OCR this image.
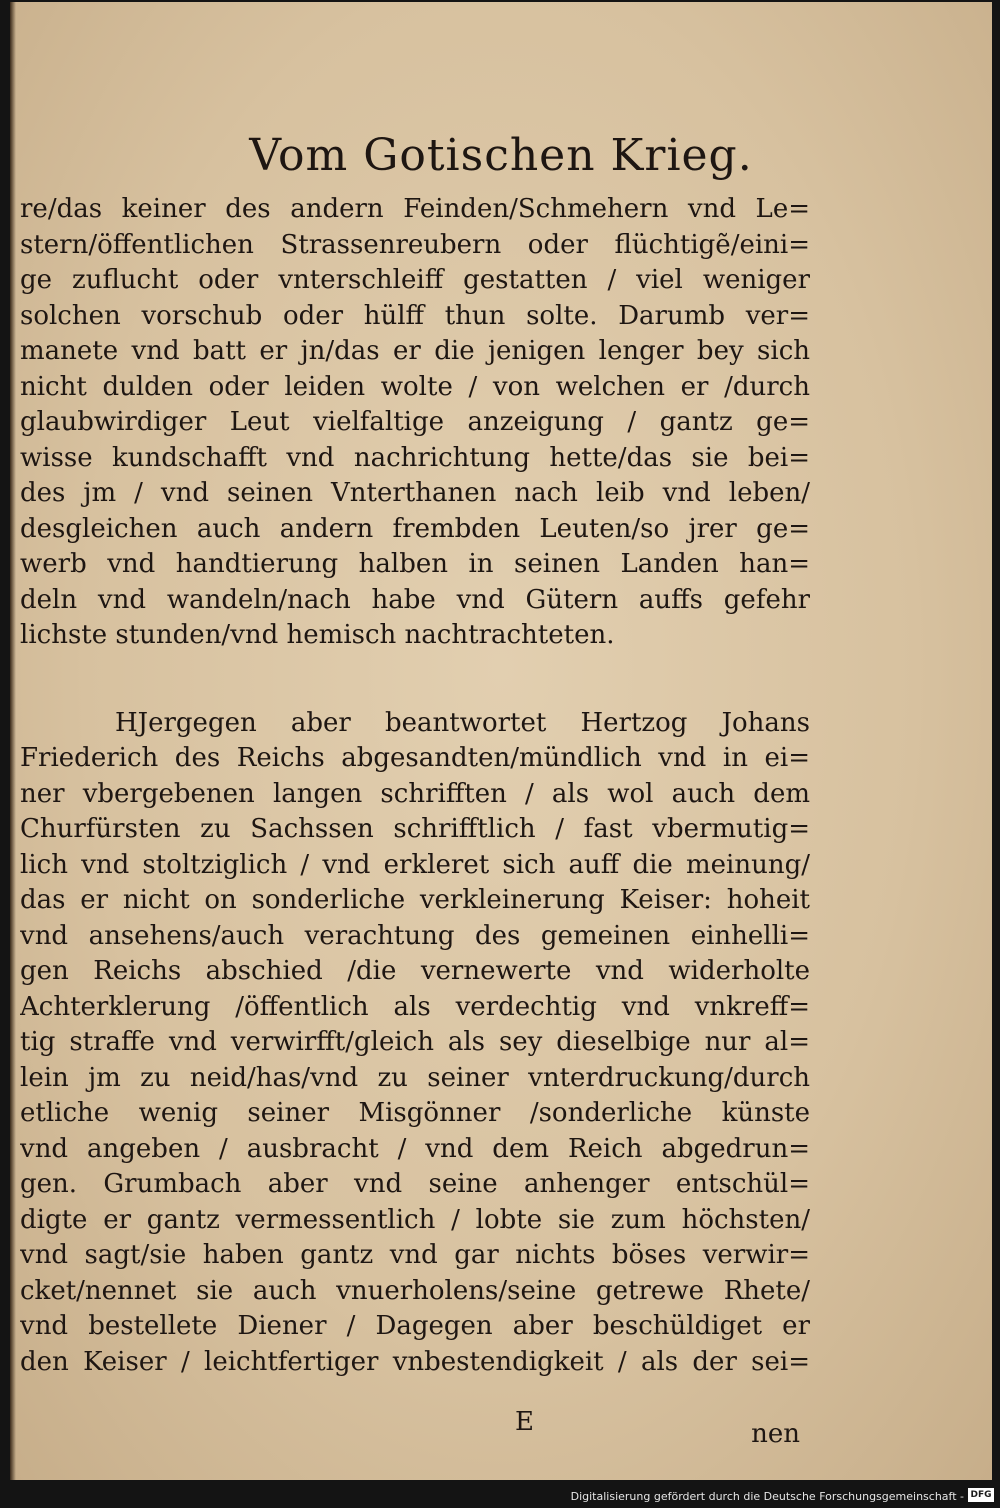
Vom Gotischen Krieg.
re/das keiner des andern Feinden/Schmehern vnd Le=
stern/öffentlichen Strassenreubern oder flüchtigẽ/eini=
ge zuflucht oder vnterschleiff gestatten / viel weniger
solchen vorschub oder hülff thun solte. Darumb ver=
manete vnd batt er jn/das er die jenigen lenger bey sich
nicht dulden oder leiden wolte / von welchen er /durch
glaubwirdiger Leut vielfaltige anzeigung / gantz ge=
wisse kundschafft vnd nachrichtung hette/das sie bei=
des jm / vnd seinen Vnterthanen nach leib vnd leben/
desgleichen auch andern frembden Leuten/so jrer ge=
werb vnd handtierung halben in seinen Landen han=
deln vnd wandeln/nach habe vnd Gütern auffs gefehr
lichste stunden/vnd hemisch nachtrachteten.
HJergegen aber beantwortet Hertzog Johans
Friederich des Reichs abgesandten/mündlich vnd in ei=
ner vbergebenen langen schrifften / als wol auch dem
Churfürsten zu Sachssen schrifftlich / fast vbermutig=
lich vnd stoltziglich / vnd erkleret sich auff die meinung/
das er nicht on sonderliche verkleinerung Keiser: hoheit
vnd ansehens/auch verachtung des gemeinen einhelli=
gen Reichs abschied /die vernewerte vnd widerholte
Achterklerung /öffentlich als verdechtig vnd vnkreff=
tig straffe vnd verwirfft/gleich als sey dieselbige nur al=
lein jm zu neid/has/vnd zu seiner vnterdruckung/durch
etliche wenig seiner Misgönner /sonderliche künste
vnd angeben / ausbracht / vnd dem Reich abgedrun=
gen. Grumbach aber vnd seine anhenger entschül=
digte er gantz vermessentlich / lobte sie zum höchsten/
vnd sagt/sie haben gantz vnd gar nichts böses verwir=
cket/nennet sie auch vnuerholens/seine getrewe Rhete/
vnd bestellete Diener / Dagegen aber beschüldiget er
den Keiser / leichtfertiger vnbestendigkeit / als der sei=
E	nen
Digitalisierung gefördert durch die Deutsche Forschungsgemeinschaft - DFG
